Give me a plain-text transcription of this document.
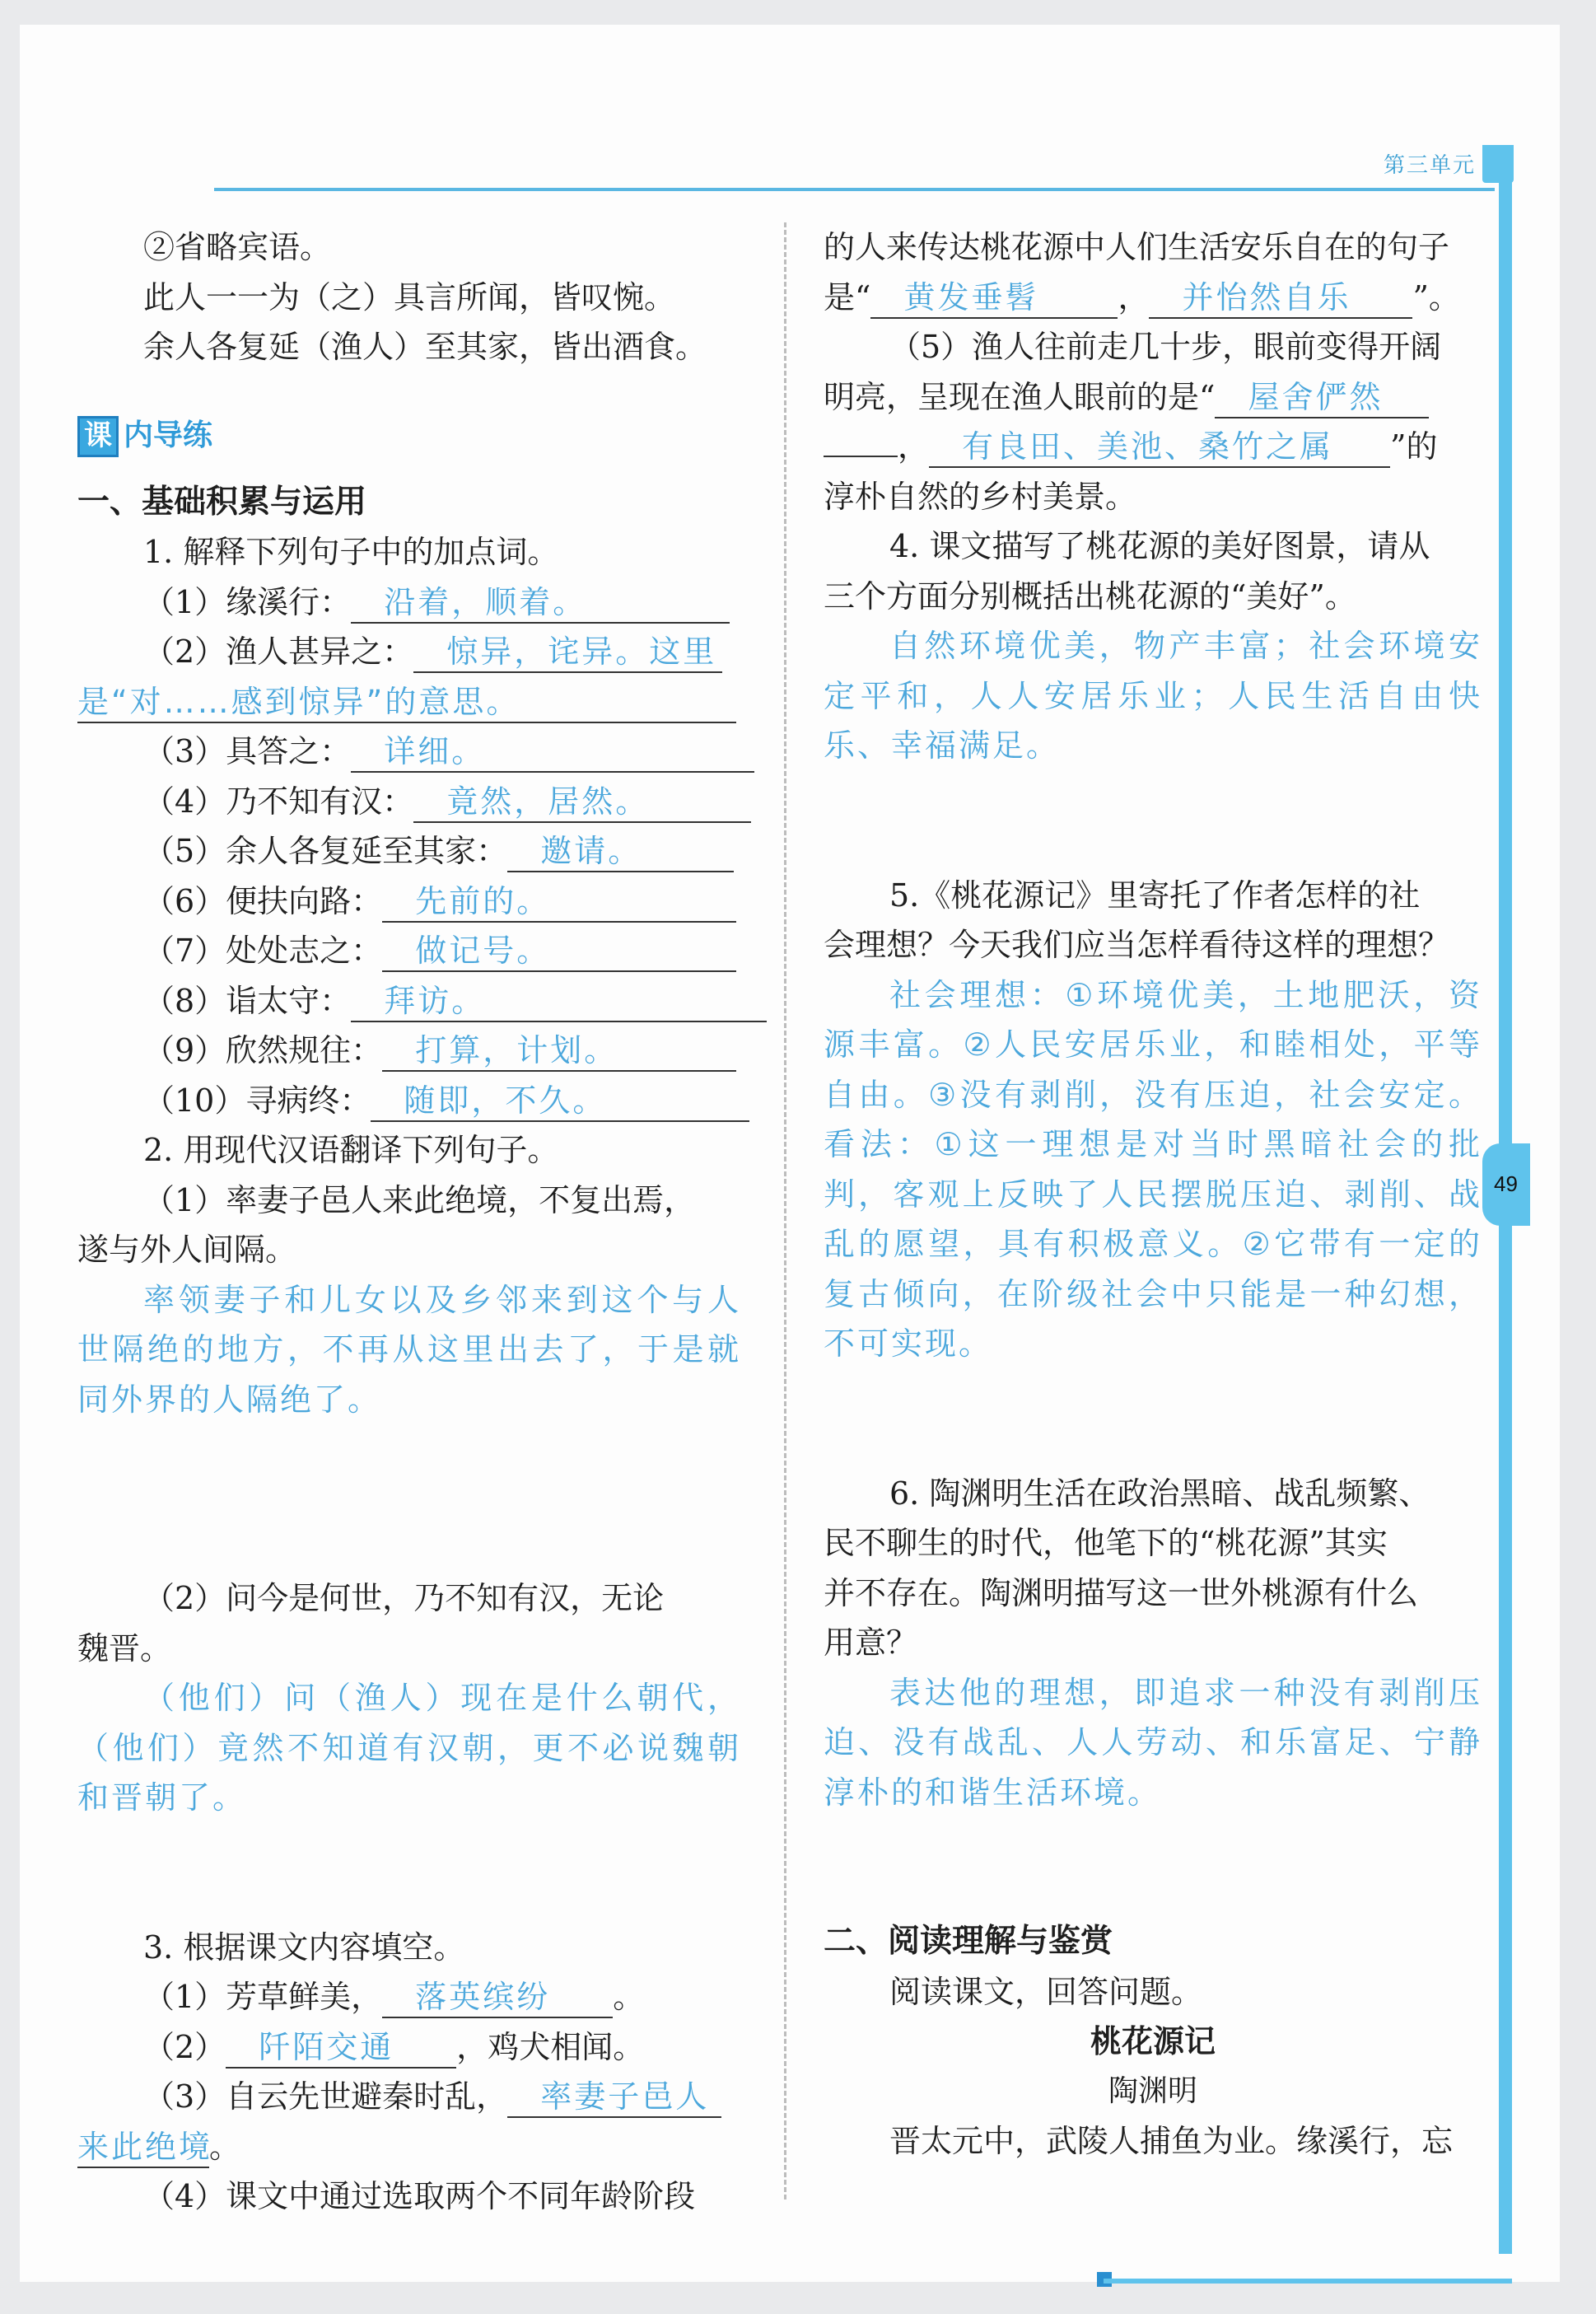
第三单元
49

②省略宾语。

此人一一为（之）具言所闻，皆叹惋。

余人各复延（渔人）至其家，皆出酒食。

课 内导练

一、基础积累与运用

1. 解释下列句子中的加点词。

（1）缘溪行： 沿着，顺着。

（2）渔人甚异之： 惊异，诧异。这里

是“对……感到惊异”的意思。

（3）具答之： 详细。

（4）乃不知有汉： 竟然，居然。

（5）余人各复延至其家： 邀请。

（6）便扶向路： 先前的。

（7）处处志之： 做记号。

（8）诣太守： 拜访。

（9）欣然规往： 打算，计划。

（10）寻病终： 随即，不久。

2. 用现代汉语翻译下列句子。

（1）率妻子邑人来此绝境，不复出焉，

遂与外人间隔。

率领妻子和儿女以及乡邻来到这个与人世隔绝的地方，不再从这里出去了，于是就同外界的人隔绝了。

（2）问今是何世，乃不知有汉，无论

魏晋。

（他们）问（渔人）现在是什么朝代，（他们）竟然不知道有汉朝，更不必说魏朝和晋朝了。

3. 根据课文内容填空。

（1）芳草鲜美， 落英缤纷 。

（2） 阡陌交通 ，鸡犬相闻。

（3）自云先世避秦时乱， 率妻子邑人

来此绝境。

（4）课文中通过选取两个不同年龄阶段

的人来传达桃花源中人们生活安乐自在的句子

是“ 黄发垂髫	， 并怡然自乐 ”。

（5）渔人往前走几十步，眼前变得开阔

明亮，呈现在渔人眼前的是“ 屋舍俨然

， 有良田、美池、桑竹之属 ”的

淳朴自然的乡村美景。

4. 课文描写了桃花源的美好图景，请从

三个方面分别概括出桃花源的“美好”。

自然环境优美，物产丰富；社会环境安定平和，人人安居乐业；人民生活自由快乐、幸福满足。

5.《桃花源记》里寄托了作者怎样的社

会理想？今天我们应当怎样看待这样的理想？

社会理想：①环境优美，土地肥沃，资源丰富。②人民安居乐业，和睦相处，平等自由。③没有剥削，没有压迫，社会安定。看法：①这一理想是对当时黑暗社会的批判，客观上反映了人民摆脱压迫、剥削、战乱的愿望，具有积极意义。②它带有一定的复古倾向，在阶级社会中只能是一种幻想，不可实现。

6. 陶渊明生活在政治黑暗、战乱频繁、

民不聊生的时代，他笔下的“桃花源”其实

并不存在。陶渊明描写这一世外桃源有什么

用意？

表达他的理想，即追求一种没有剥削压迫、没有战乱、人人劳动、和乐富足、宁静淳朴的和谐生活环境。

二、阅读理解与鉴赏

阅读课文，回答问题。

桃花源记

陶渊明

晋太元中，武陵人捕鱼为业。缘溪行，忘
